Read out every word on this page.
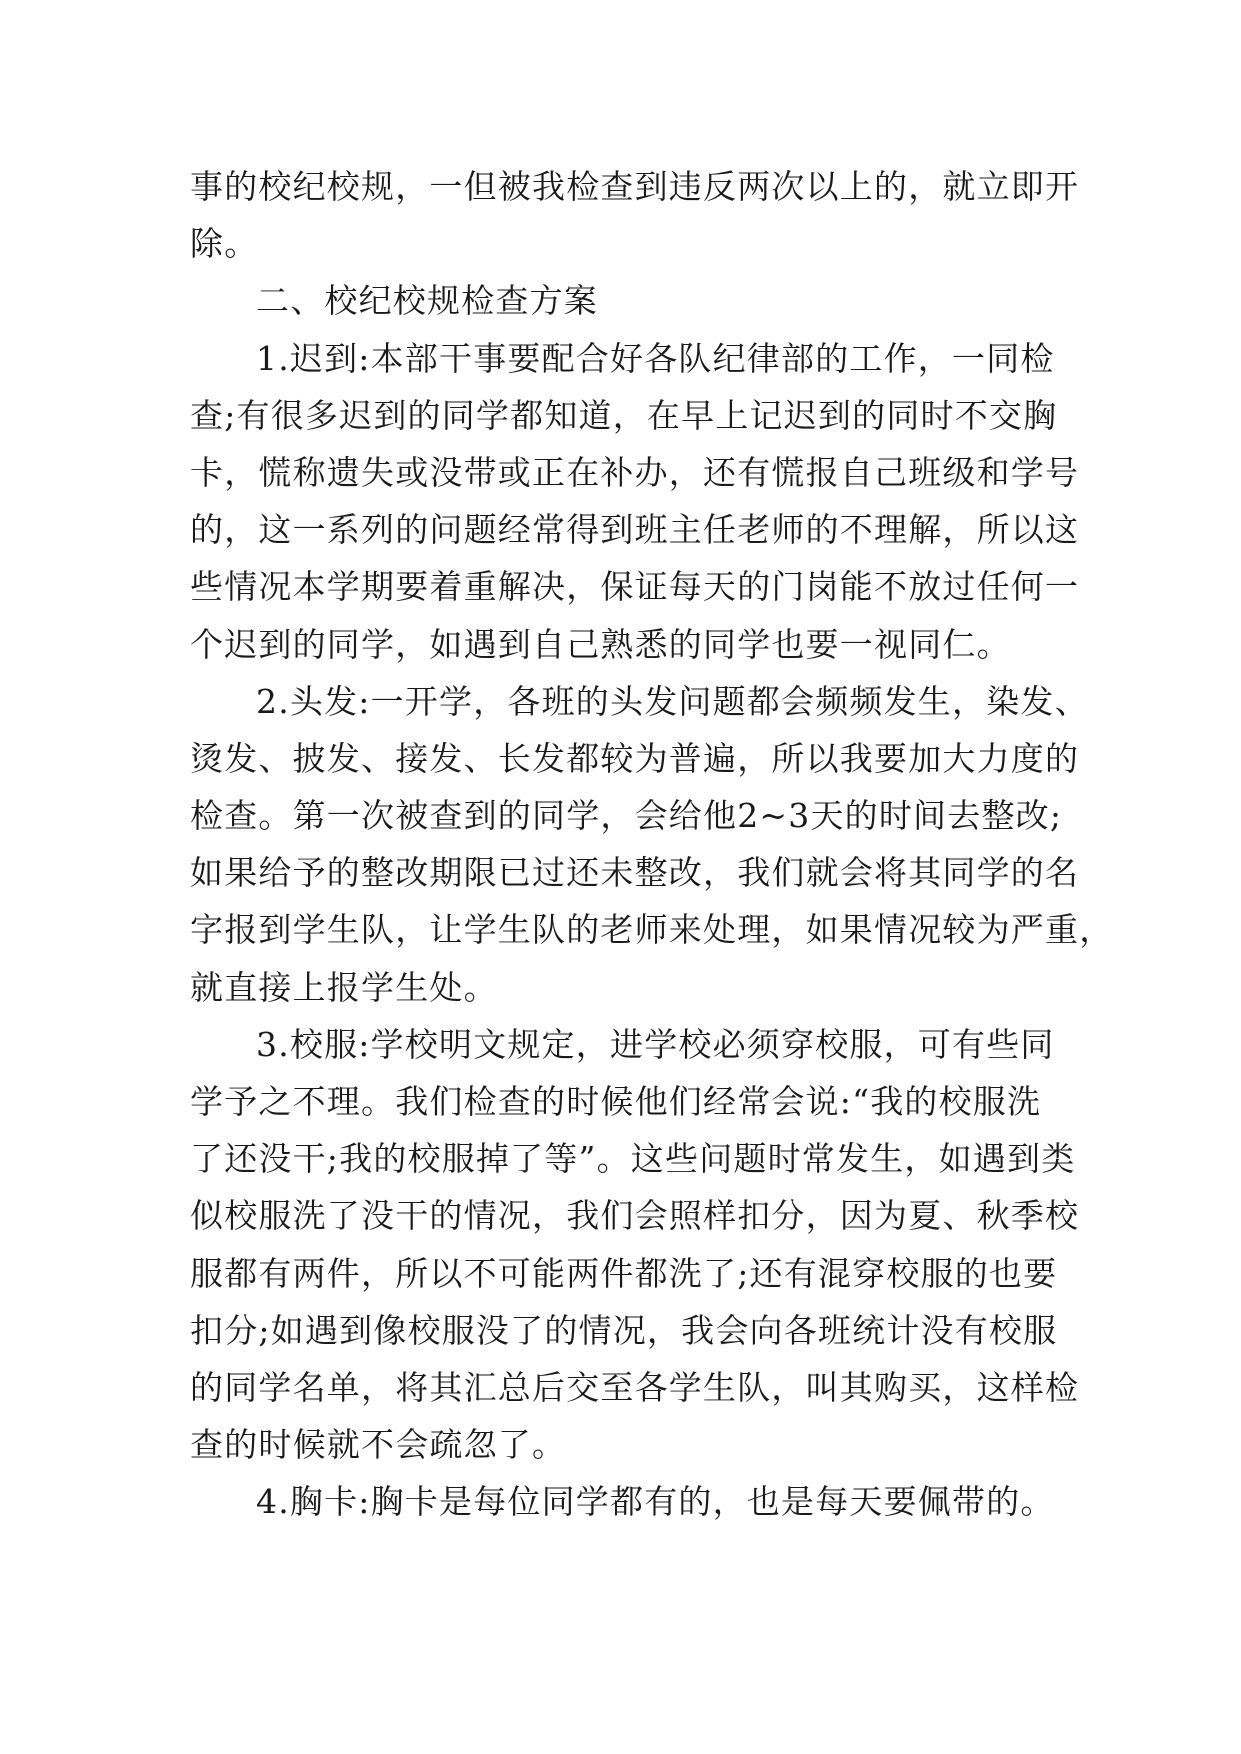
事的校纪校规，一但被我检查到违反两次以上的，就立即开
除。
二、校纪校规检查方案
1.迟到:本部干事要配合好各队纪律部的工作，一同检
查;有很多迟到的同学都知道，在早上记迟到的同时不交胸
卡，慌称遗失或没带或正在补办，还有慌报自己班级和学号
的，这一系列的问题经常得到班主任老师的不理解，所以这
些情况本学期要着重解决，保证每天的门岗能不放过任何一
个迟到的同学，如遇到自己熟悉的同学也要一视同仁。
2.头发:一开学，各班的头发问题都会频频发生，染发、
烫发、披发、接发、长发都较为普遍，所以我要加大力度的
检查。第一次被查到的同学，会给他2~3天的时间去整改;
如果给予的整改期限已过还未整改，我们就会将其同学的名
字报到学生队，让学生队的老师来处理，如果情况较为严重，
就直接上报学生处。
3.校服:学校明文规定，进学校必须穿校服，可有些同
学予之不理。我们检查的时候他们经常会说:“我的校服洗
了还没干;我的校服掉了等”。这些问题时常发生，如遇到类
似校服洗了没干的情况，我们会照样扣分，因为夏、秋季校
服都有两件，所以不可能两件都洗了;还有混穿校服的也要
扣分;如遇到像校服没了的情况，我会向各班统计没有校服
的同学名单，将其汇总后交至各学生队，叫其购买，这样检
查的时候就不会疏忽了。
4.胸卡:胸卡是每位同学都有的，也是每天要佩带的。
